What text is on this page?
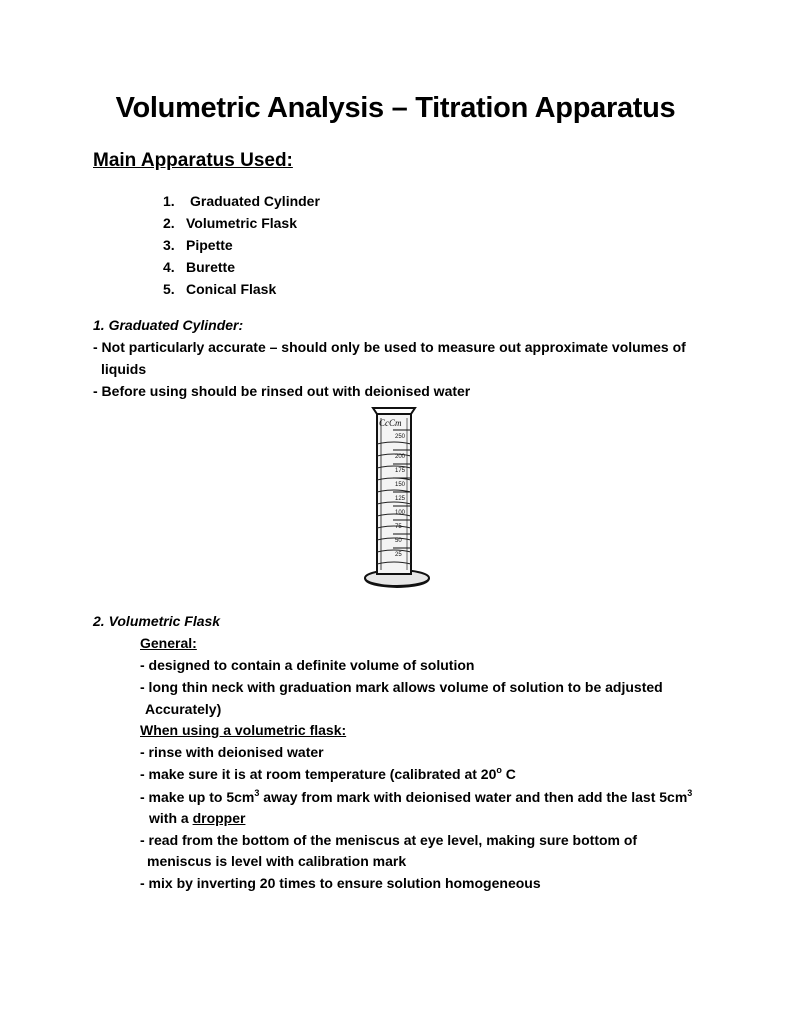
Volumetric Analysis – Titration Apparatus
Main Apparatus Used:
1. Graduated Cylinder
2. Volumetric Flask
3. Pipette
4. Burette
5. Conical Flask
1. Graduated Cylinder:
- Not particularly accurate – should only be used to measure out approximate volumes of
liquids
- Before using should be rinsed out with deionised water
CcCm
250
200
175
150
125
100
75
50
25
2. Volumetric Flask
General:
- designed to contain a definite volume of solution
- long thin neck with graduation mark allows volume of solution to be adjusted
Accurately)
When using a volumetric flask:
- rinse with deionised water
- make sure it is at room temperature (calibrated at 20$^o$ C
- make up to $5cm^3$ away from mark with deionised water and then add the last $5cm^3$
with a dropper
- read from the bottom of the meniscus at eye level, making sure bottom of
meniscus is level with calibration mark
- mix by inverting 20 times to ensure solution homogeneous
